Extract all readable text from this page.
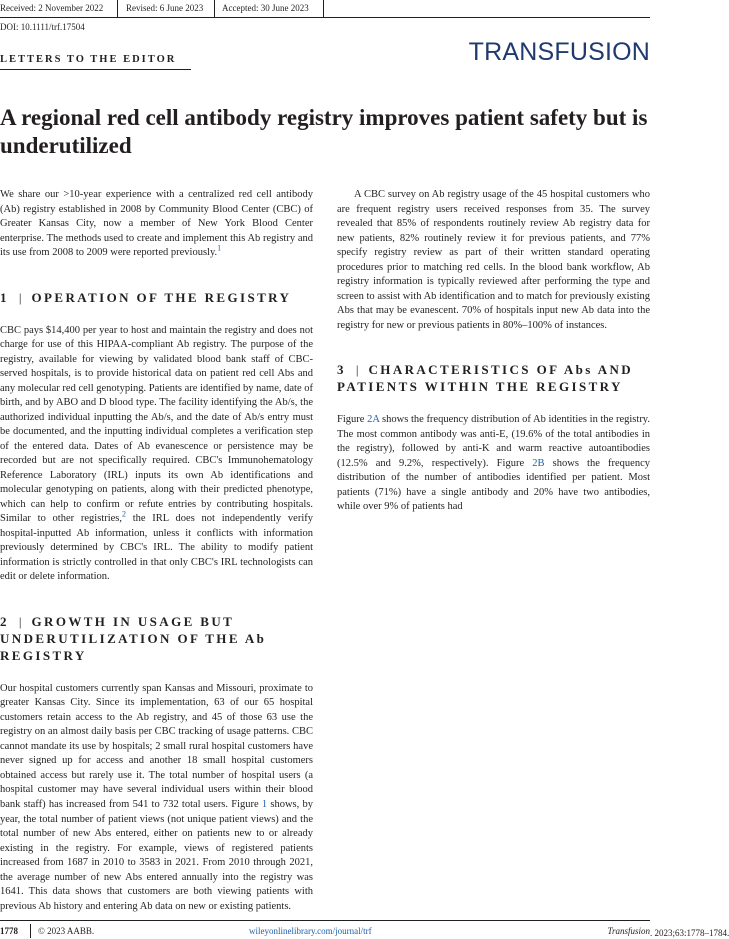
Received: 2 November 2022	Revised: 6 June 2023 Accepted: 30 June 2023
DOI: 10.1111/trf.17504
TRANSFUSION
LETTERS TO THE EDITOR
A regional red cell antibody registry improves patient safety but is underutilized

We share our >10-year experience with a centralized red cell antibody (Ab) registry established in 2008 by Community Blood Center (CBC) of Greater Kansas City, now a member of New York Blood Center enterprise. The methods used to create and implement this Ab registry and its use from 2008 to 2009 were reported previously.$^1$

1 | OPERATION OF THE REGISTRY

CBC pays $14,400 per year to host and maintain the registry and does not charge for use of this HIPAA-compliant Ab registry. The purpose of the registry, available for viewing by validated blood bank staff of CBC-served hospitals, is to provide historical data on patient red cell Abs and any molecular red cell genotyping. Patients are identified by name, date of birth, and by ABO and D blood type. The facility identifying the Ab/s, the authorized individual inputting the Ab/s, and the date of Ab/s entry must be documented, and the inputting individual completes a verification step of the entered data. Dates of Ab evanescence or persistence may be recorded but are not specifically required. CBC's Immunohematology Reference Laboratory (IRL) inputs its own Ab identifications and molecular genotyping on patients, along with their predicted phenotype, which can help to confirm or refute entries by contributing hospitals. Similar to other registries,$^2$ the IRL does not independently verify hospital-inputted Ab information, unless it conflicts with information previously determined by CBC's IRL. The ability to modify patient information is strictly controlled in that only CBC's IRL technologists can edit or delete information.

2 | GROWTH IN USAGE BUT UNDERUTILIZATION OF THE Ab REGISTRY

Our hospital customers currently span Kansas and Missouri, proximate to greater Kansas City. Since its implementation, 63 of our 65 hospital customers retain access to the Ab registry, and 45 of those 63 use the registry on an almost daily basis per CBC tracking of usage patterns. CBC cannot mandate its use by hospitals; 2 small rural hospital customers have never signed up for access and another 18 small hospital customers obtained access but rarely use it. The total number of hospital users (a hospital customer may have several individual users within their blood bank staff) has increased from 541 to 732 total users. Figure 1 shows, by year, the total number of patient views (not unique patient views) and the total number of new Abs entered, either on patients new to or already existing in the registry. For example, views of registered patients increased from 1687 in 2010 to 3583 in 2021. From 2010 through 2021, the average number of new Abs entered annually into the registry was 1641. This data shows that customers are both viewing patients with previous Ab history and entering Ab data on new or existing patients.

A CBC survey on Ab registry usage of the 45 hospital customers who are frequent registry users received responses from 35. The survey revealed that 85% of respondents routinely review Ab registry data for new patients, 82% routinely review it for previous patients, and 77% specify registry review as part of their written standard operating procedures prior to matching red cells. In the blood bank workflow, Ab registry information is typically reviewed after performing the type and screen to assist with Ab identification and to match for previously existing Abs that may be evanescent. 70% of hospitals input new Ab data into the registry for new or previous patients in 80%–100% of instances.

3 | CHARACTERISTICS OF Abs AND PATIENTS WITHIN THE REGISTRY

Figure 2A shows the frequency distribution of Ab identities in the registry. The most common antibody was anti-E, (19.6% of the total antibodies in the registry), followed by anti-K and warm reactive autoantibodies (12.5% and 9.2%, respectively). Figure 2B shows the frequency distribution of the number of antibodies identified per patient. Most patients (71%) have a single antibody and 20% have two antibodies, while over 9% of patients had

1778 © 2023 AABB.	wileyonlinelibrary.com/journal/trf	Transfusion . 2023;63:1778–1784.
